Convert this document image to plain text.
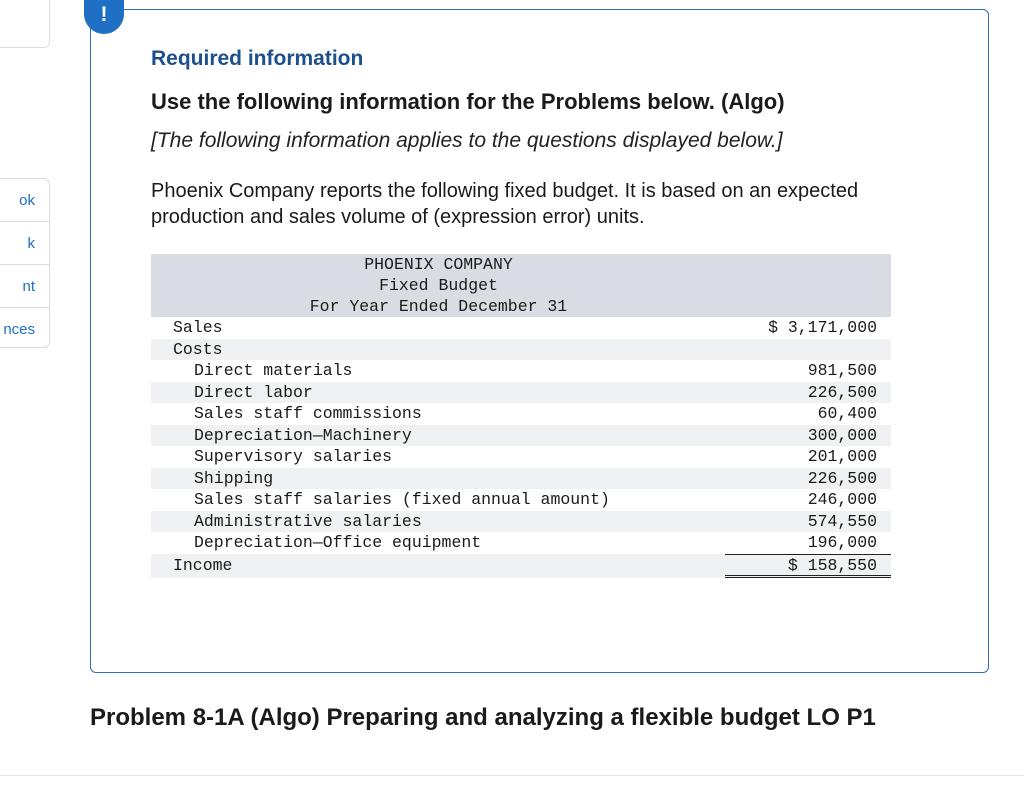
ok
k
nt
nces
Required information
Use the following information for the Problems below. (Algo)
[The following information applies to the questions displayed below.]
Phoenix Company reports the following fixed budget. It is based on an expected production and sales volume of (expression error) units.
PHOENIX COMPANY
Fixed Budget
For Year Ended December 31
Sales	$ 3,171,000
Costs
Direct materials	981,500
Direct labor	226,500
Sales staff commissions	60,400
Depreciation—Machinery	300,000
Supervisory salaries	201,000
Shipping	226,500
Sales staff salaries (fixed annual amount)	246,000
Administrative salaries	574,550
Depreciation—Office equipment	196,000
Income	$ 158,550
!
Problem 8-1A (Algo) Preparing and analyzing a flexible budget LO P1
